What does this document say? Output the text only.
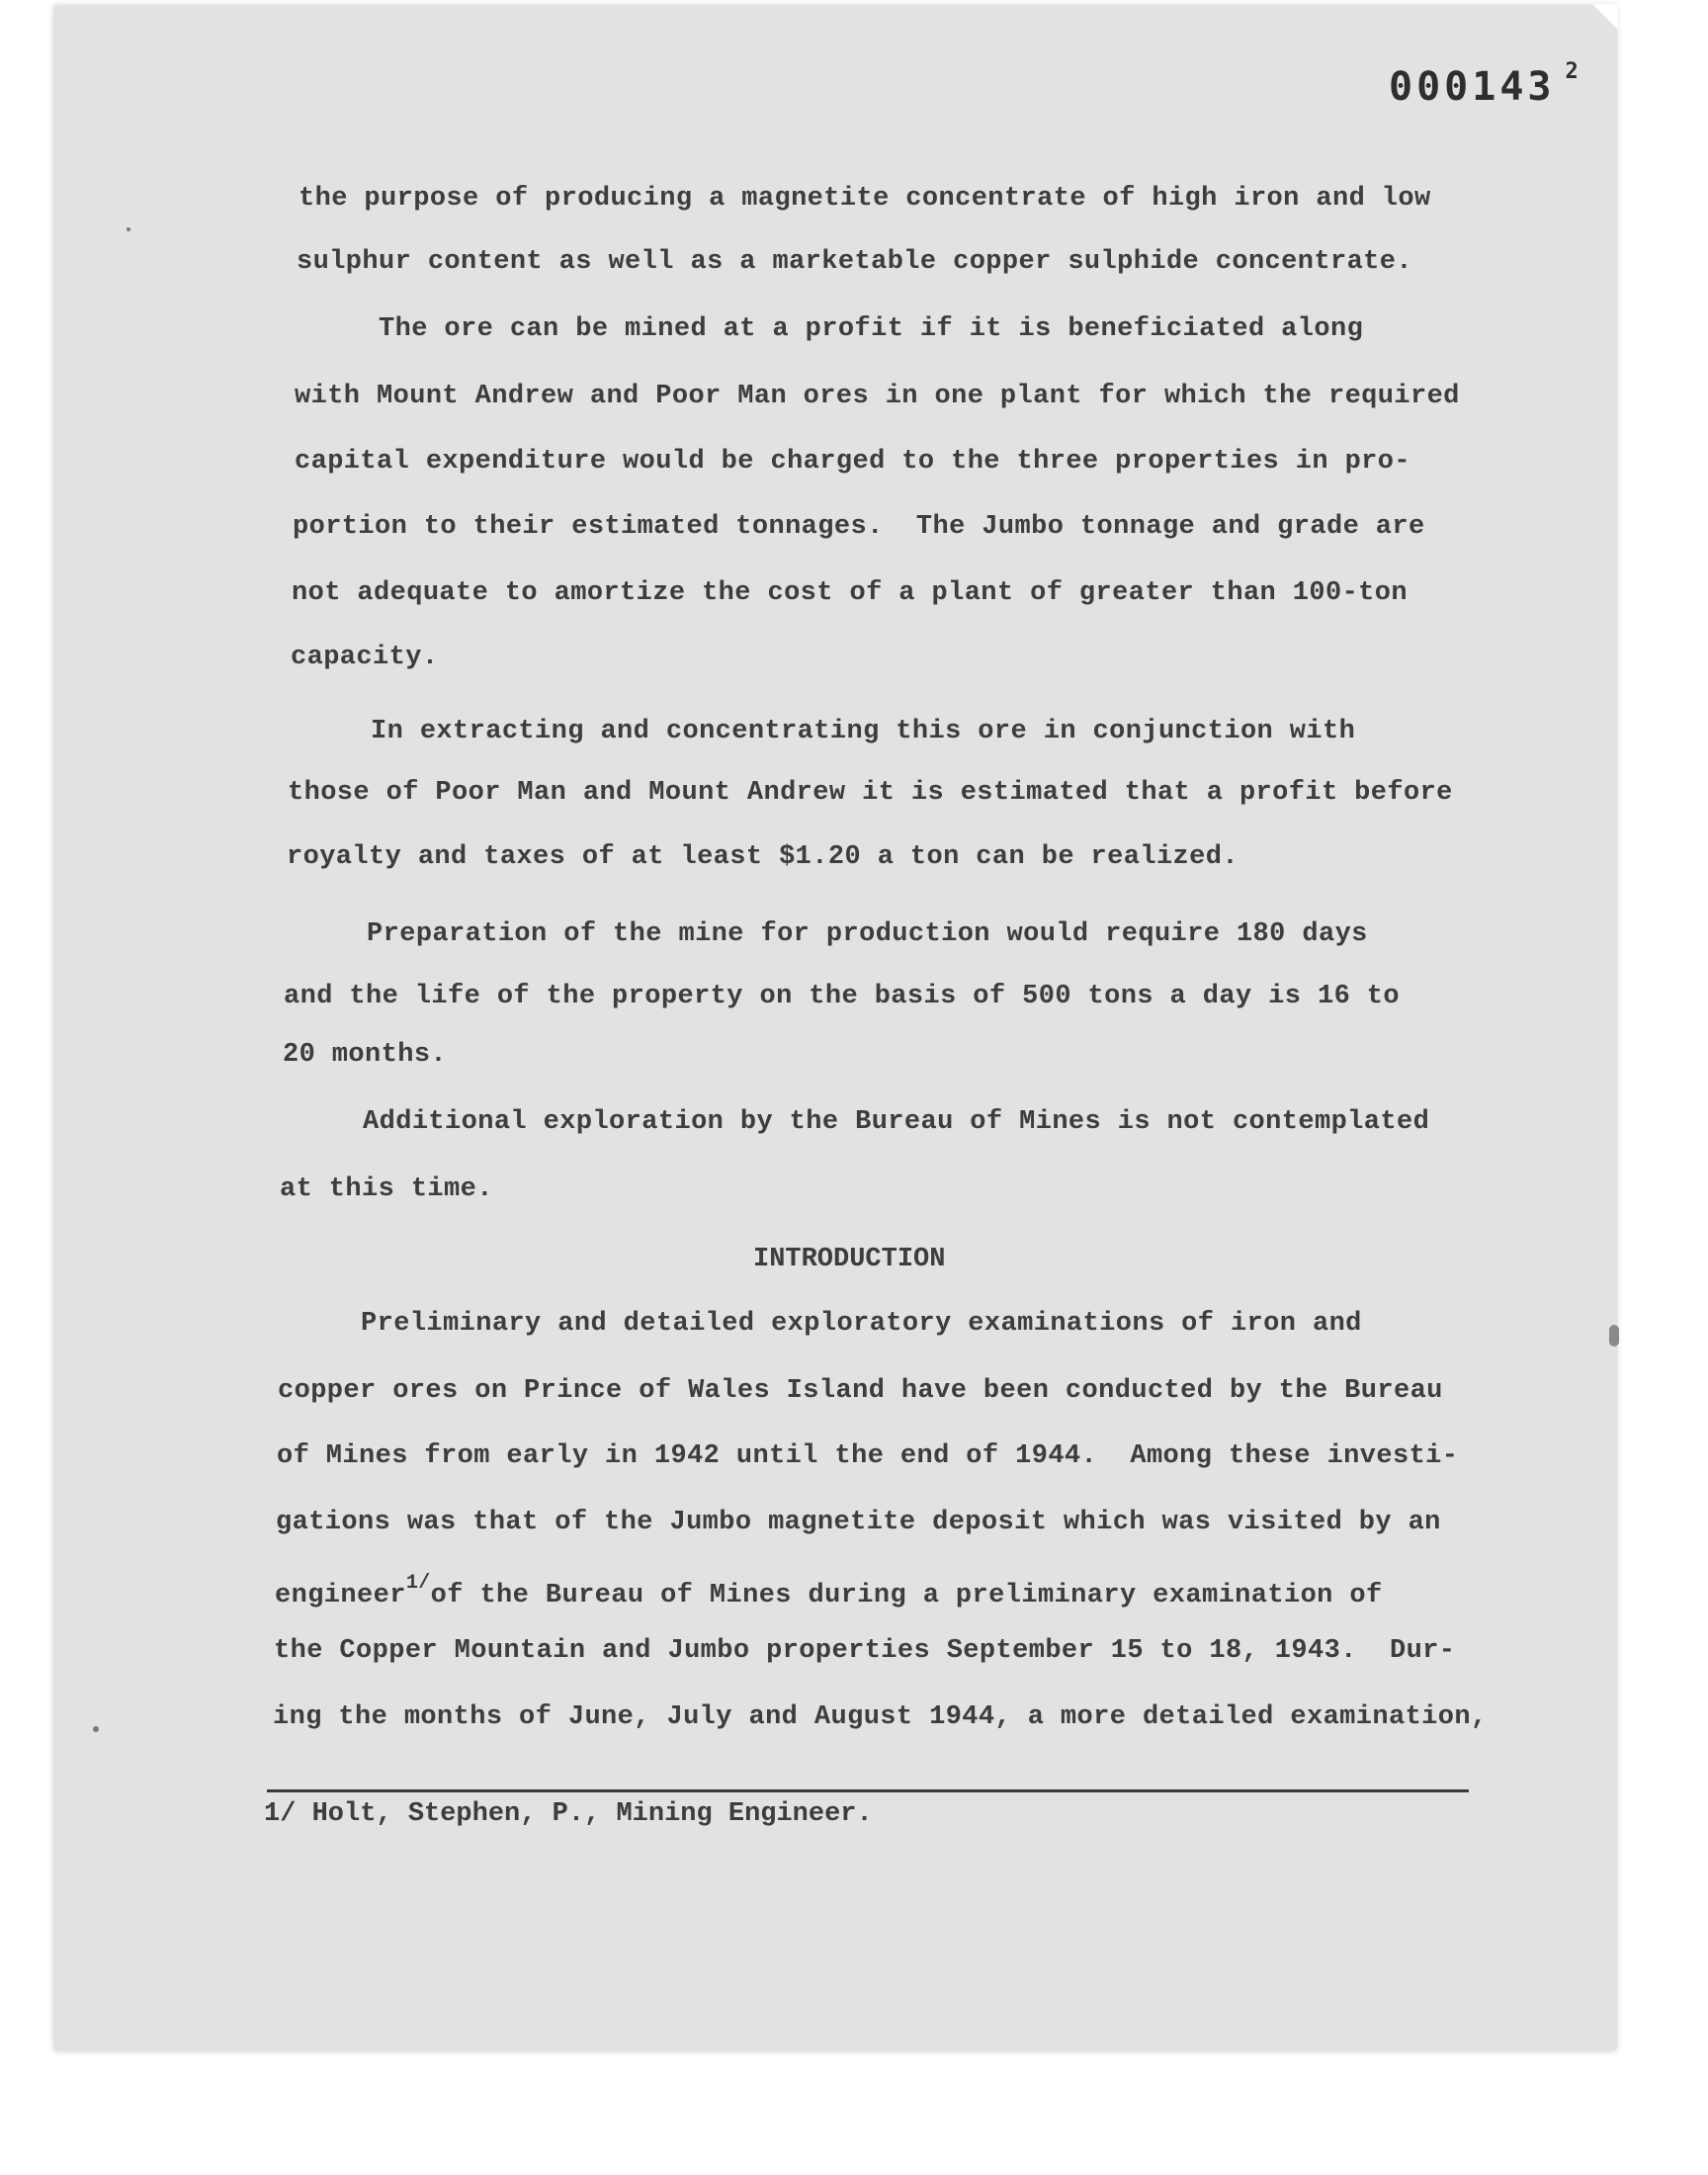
000143 $^2$
the purpose of producing a magnetite concentrate of high iron and low
sulphur content as well as a marketable copper sulphide concentrate.
The ore can be mined at a profit if it is beneficiated along
with Mount Andrew and Poor Man ores in one plant for which the required
capital expenditure would be charged to the three properties in pro-
portion to their estimated tonnages.  The Jumbo tonnage and grade are
not adequate to amortize the cost of a plant of greater than 100-ton
capacity.
In extracting and concentrating this ore in conjunction with
those of Poor Man and Mount Andrew it is estimated that a profit before
royalty and taxes of at least $1.20 a ton can be realized.
Preparation of the mine for production would require 180 days
and the life of the property on the basis of 500 tons a day is 16 to
20 months.
Additional exploration by the Bureau of Mines is not contemplated
at this time.
INTRODUCTION
Preliminary and detailed exploratory examinations of iron and
copper ores on Prince of Wales Island have been conducted by the Bureau
of Mines from early in 1942 until the end of 1944.  Among these investi-
gations was that of the Jumbo magnetite deposit which was visited by an
engineer$^{1/}$of the Bureau of Mines during a preliminary examination of
the Copper Mountain and Jumbo properties September 15 to 18, 1943.  Dur-
ing the months of June, July and August 1944, a more detailed examination,
1/ Holt, Stephen, P., Mining Engineer.
